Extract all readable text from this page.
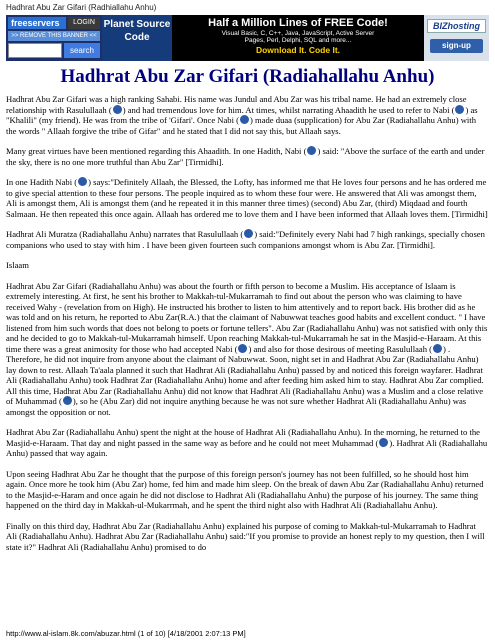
Hadhrat Abu Zar Gifari (Radhiallahu Anhu)
freeservers	LOGIN
>> REMOVE THIS BANNER <<
search
Planet Source Code
Half a Million Lines of FREE Code!
Visual Basic, C, C++, Java, JavaScript, Active Server
Pages, Perl, Delphi, SQL and more...
Download It. Code It.
BIZhosting
sign-up
Hadhrat Abu Zar Gifari (Radiahallahu Anhu)

Hadhrat Abu Zar Gifari was a high ranking Sahabi. His name was Jundul and Abu Zar was his tribal name. He had an extremely close relationship with Rasulullaah ( ) and had tremendous love for him. At times, whilst narrating Ahaadith he used to refer to Nabi ( ) as "Khalili" (my friend). He was from the tribe of 'Gifari'. Once Nabi ( ) made duaa (supplication) for Abu Zar (Radiahallahu Anhu) with the words " Allaah forgive the tribe of Gifar" and he stated that I did not say this, but Allaah says.

Many great virtues have been mentioned regarding this Ahaadith. In one Hadith, Nabi ( ) said: "Above the surface of the earth and under the sky, there is no one more truthful than Abu Zar" [Tirmidhi].

In one Hadith Nabi ( ) says:"Definitely Allaah, the Blessed, the Lofty, has informed me that He loves four persons and he has ordered me to give special attention to these four persons. The people inquired as to whom these four were. He answered that Ali was amongst them, Ali is amongst them, Ali is amongst them (and he repeated it in this manner three times) (second) Abu Zar, (third) Miqdaad and fourth Salmaan. He then repeated this once again. Allaah has ordered me to love them and I have been informed that Allaah loves them. [Tirmidhi]

Hadhrat Ali Muratza (Radiahallahu Anhu) narrates that Rasulullaah ( ) said:"Definitely every Nabi had 7 high rankings, specially chosen companions who used to stay with him . I have been given fourteen such companions amongst whom is Abu Zar. [Tirmidhi].

Islaam

Hadhrat Abu Zar Gifari (Radiahallahu Anhu) was about the fourth or fifth person to become a Muslim. His acceptance of Islaam is extremely interesting. At first, he sent his brother to Makkah-tul-Mukarramah to find out about the person who was claiming to have received Wahy - (revelation from on High). He instructed his brother to listen to him attentively and to report back. His brother did as he was told and on his return, he reported to Abu Zar(R.A.) that the claimant of Nabuwwat teaches good habits and excellent conduct. " I have listened from him such words that does not belong to poets or fortune tellers". Abu Zar (Radiahallahu Anhu) was not satisfied with only this and he decided to go to Makkah-tul-Mukarramah himself. Upon reaching Makkah-tul-Mukarramah he sat in the Masjid-e-Haraam. At this time there was a great animosity for those who had accepted Nabi ( ) and also for those desirous of meeting Rasulullaah ( ) . Therefore, he did not inquire from anyone about the claimant of Nabuwwat. Soon, night set in and Hadhrat Abu Zar (Radiahallahu Anhu) lay down to rest. Allaah Ta'aala planned it such that Hadhrat Ali (Radiahallahu Anhu) passed by and noticed this foreign wayfarer. Hadhrat Ali (Radiahallahu Anhu) took Hadhrat Zar (Radiahallahu Anhu) home and after feeding him asked him to stay. Hadhrat Abu Zar complied. All this time, Hadhrat Abu Zar (Radiahallahu Anhu) did not know that Hadhrat Ali (Radiahallahu Anhu) was a Muslim and a close relative of Muhammad ( ), so he (Abu Zar) did not inquire anything because he was not sure whether Hadhrat Ali (Radiahallahu Anhu) was amongst the opposition or not.

Hadhrat Abu Zar (Radiahallahu Anhu) spent the night at the house of Hadhrat Ali (Radiahallahu Anhu). In the morning, he returned to the Masjid-e-Haraam. That day and night passed in the same way as before and he could not meet Muhammad ( ). Hadhrat Ali (Radiahallahu Anhu) passed that way again.

Upon seeing Hadhrat Abu Zar he thought that the purpose of this foreign person's journey has not been fulfilled, so he should host him again. Once more he took him (Abu Zar) home, fed him and made him sleep. On the break of dawn Abu Zar (Radiahallahu Anhu) returned to the Masjid-e-Haram and once again he did not disclose to Hadhrat Ali (Radiahallahu Anhu) the purpose of his journey. The same thing happened on the third day in Makkah-ul-Mukarrmah, and he spent the third night also with Hadhrat Ali (Radiahallahu Anhu).

Finally on this third day, Hadhrat Abu Zar (Radiahallahu Anhu) explained his purpose of coming to Makkah-tul-Mukarramah to Hadhrat Ali (Radiahallahu Anhu). Hadhrat Abu Zar (Radiahallahu Anhu) said:"If you promise to provide an honest reply to my question, then I will state it?" Hadhrat Ali (Radiahallahu Anhu) promised to do

http://www.al-islam.8k.com/abuzar.html (1 of 10) [4/18/2001 2:07:13 PM]
